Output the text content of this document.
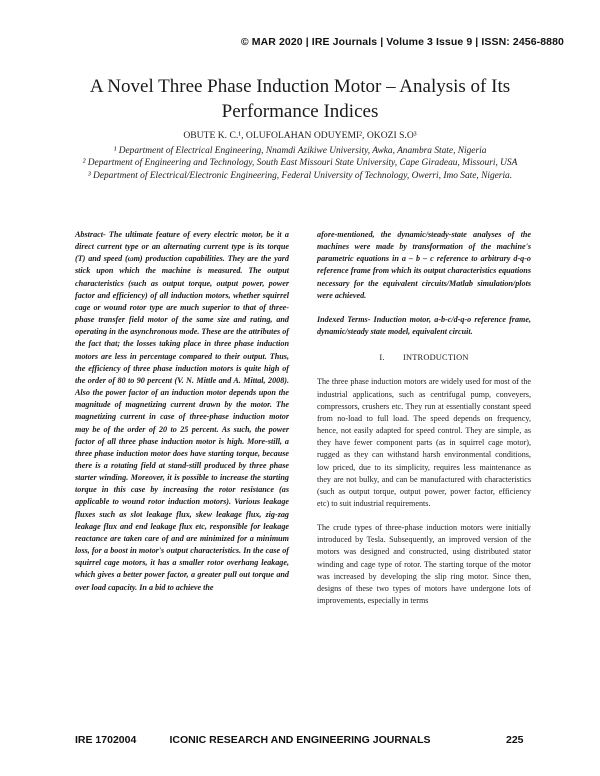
© MAR 2020 | IRE Journals | Volume 3 Issue 9 | ISSN: 2456-8880
A Novel Three Phase Induction Motor – Analysis of Its
Performance Indices
OBUTE K. C.¹, OLUFOLAHAN ODUYEMI², OKOZI S.O³
¹ Department of Electrical Engineering, Nnamdi Azikiwe University, Awka, Anambra State, Nigeria
² Department of Engineering and Technology, South East Missouri State University, Cape Giradeau, Missouri, USA
³ Department of Electrical/Electronic Engineering, Federal University of Technology, Owerri, Imo Sate, Nigeria.

Abstract- The ultimate feature of every electric motor, be it a direct current type or an alternating current type is its torque (T) and speed (ωm) production capabilities. They are the yard stick upon which the machine is measured. The output characteristics (such as output torque, output power, power factor and efficiency) of all induction motors, whether squirrel cage or wound rotor type are much superior to that of three-phase transfer field motor of the same size and rating, and operating in the asynchronous mode. These are the attributes of the fact that; the losses taking place in three phase induction motors are less in percentage compared to their output. Thus, the efficiency of three phase induction motors is quite high of the order of 80 to 90 percent (V. N. Mittle and A. Mittal, 2008). Also the power factor of an induction motor depends upon the magnitude of magnetizing current drawn by the motor. The magnetizing current in case of three-phase induction motor may be of the order of 20 to 25 percent. As such, the power factor of all three phase induction motor is high. More-still, a three phase induction motor does have starting torque, because there is a rotating field at stand-still produced by three phase starter winding. Moreover, it is possible to increase the starting torque in this case by increasing the rotor resistance (as applicable to wound rotor induction motors). Various leakage fluxes such as slot leakage flux, skew leakage flux, zig-zag leakage flux and end leakage flux etc, responsible for leakage reactance are taken care of and are minimized for a minimum loss, for a boost in motor's output characteristics. In the case of squirrel cage motors, it has a smaller rotor overhang leakage, which gives a better power factor, a greater pull out torque and over load capacity. In a bid to achieve the

afore-mentioned, the dynamic/steady-state analyses of the machines were made by transformation of the machine's parametric equations in a – b – c reference to arbitrary d-q-o reference frame from which its output characteristics equations necessary for the equivalent circuits/Matlab simulation/plots were achieved.

Indexed Terms- Induction motor, a-b-c/d-q-o reference frame, dynamic/steady state model, equivalent circuit.

I.        INTRODUCTION

The three phase induction motors are widely used for most of the industrial applications, such as centrifugal pump, conveyers, compressors, crushers etc. They run at essentially constant speed from no-load to full load. The speed depends on frequency, hence, not easily adapted for speed control. They are simple, as they have fewer component parts (as in squirrel cage motor), rugged as they can withstand harsh environmental conditions, low priced, due to its simplicity, requires less maintenance as they are not bulky, and can be manufactured with characteristics (such as output torque, output power, power factor, efficiency etc) to suit industrial requirements.

The crude types of three-phase induction motors were initially introduced by Tesla. Subsequently, an improved version of the motors was designed and constructed, using distributed stator winding and cage type of rotor. The starting torque of the motor was increased by developing the slip ring motor. Since then, designs of these two types of motors have undergone lots of improvements, especially in terms

IRE 1702004	ICONIC RESEARCH AND ENGINEERING JOURNALS	225
